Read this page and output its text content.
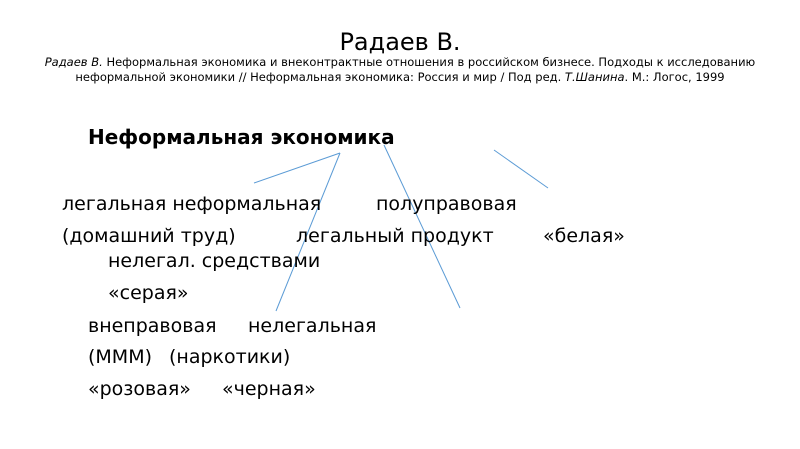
Радаев В.
Радаев В. Неформальная экономика и внеконтрактные отношения в российском бизнесе. Подходы к исследованию неформальной экономики // Неформальная экономика: Россия и мир / Под ред. Т.Шанина. М.: Логос, 1999
Неформальная экономика
легальная неформальная	полуправовая
(домашний труд)	легальный продукт	«белая»
нелегал. средствами
«серая»
внеправовая нелегальная
(МММ) (наркотики)
«розовая» «черная»
